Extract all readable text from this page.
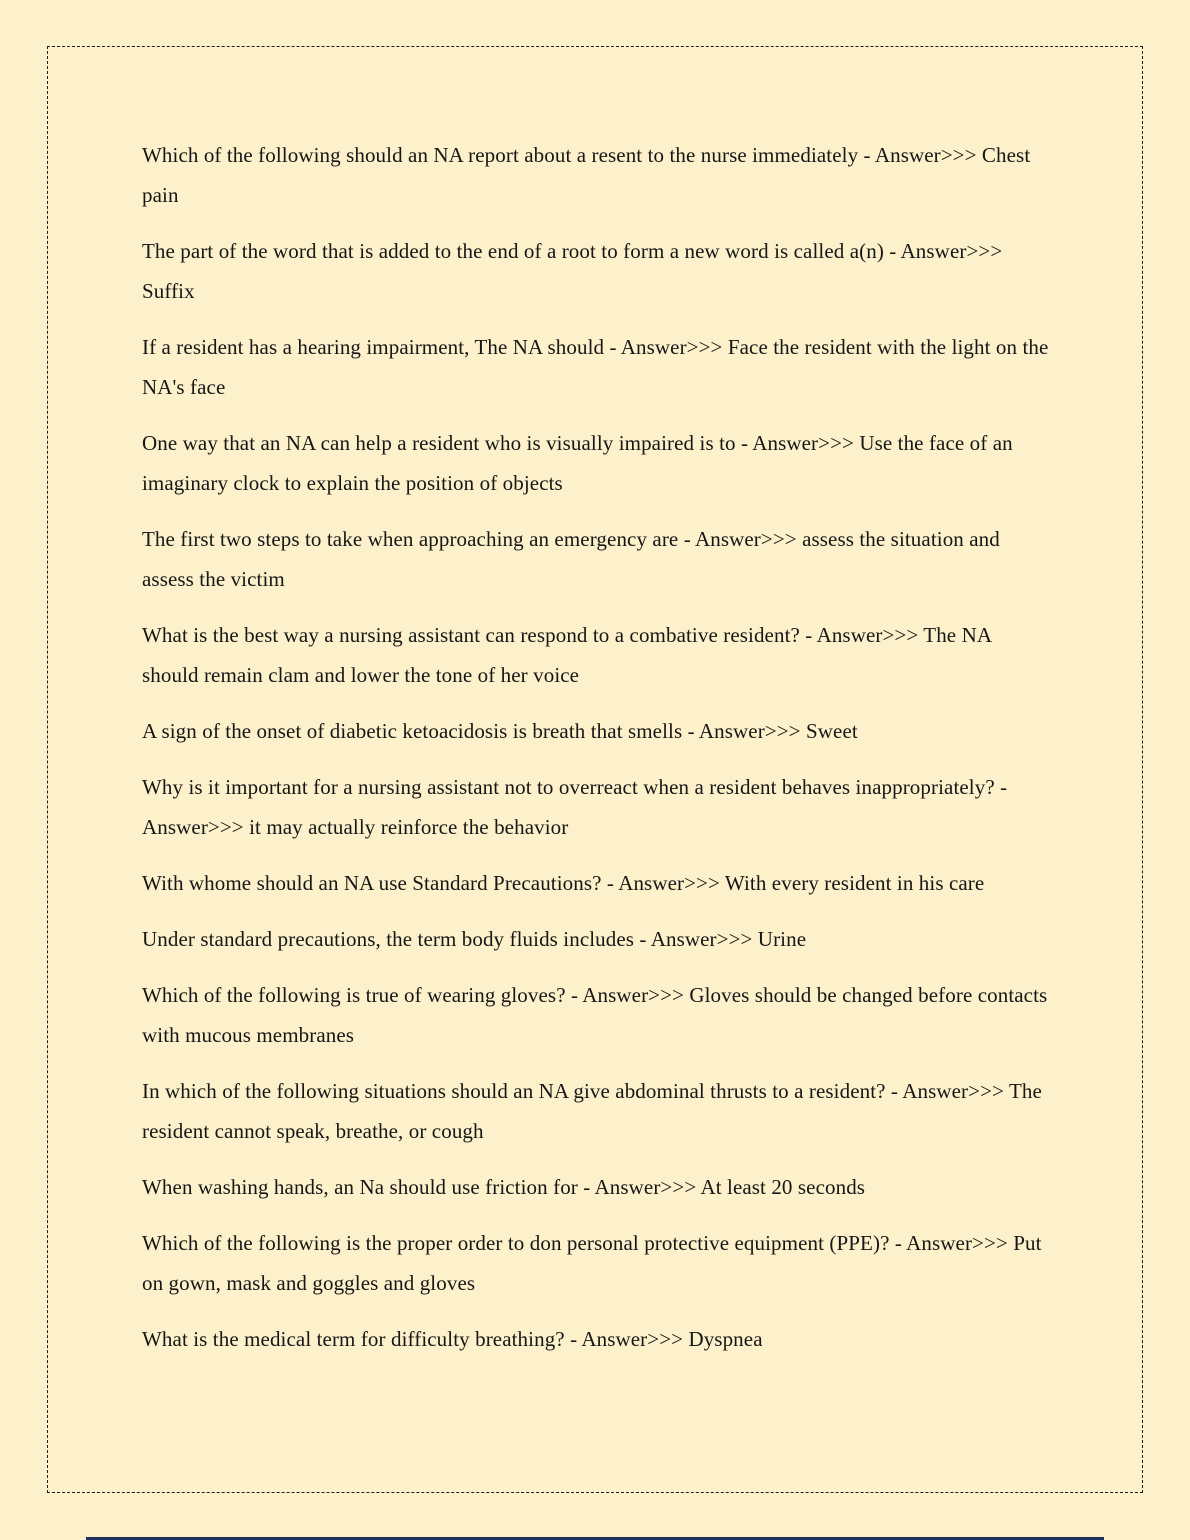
Which of the following should an NA report about a resent to the nurse immediately - Answer>>> Chest pain

The part of the word that is added to the end of a root to form a new word is called a(n) - Answer>>> Suffix

If a resident has a hearing impairment, The NA should - Answer>>> Face the resident with the light on the NA's face

One way that an NA can help a resident who is visually impaired is to - Answer>>> Use the face of an imaginary clock to explain the position of objects

The first two steps to take when approaching an emergency are - Answer>>> assess the situation and assess the victim

What is the best way a nursing assistant can respond to a combative resident? - Answer>>> The NA should remain clam and lower the tone of her voice

A sign of the onset of diabetic ketoacidosis is breath that smells - Answer>>> Sweet

Why is it important for a nursing assistant not to overreact when a resident behaves inappropriately? - Answer>>> it may actually reinforce the behavior

With whome should an NA use Standard Precautions? - Answer>>> With every resident in his care

Under standard precautions, the term body fluids includes - Answer>>> Urine

Which of the following is true of wearing gloves? - Answer>>> Gloves should be changed before contacts with mucous membranes

In which of the following situations should an NA give abdominal thrusts to a resident? - Answer>>> The resident cannot speak, breathe, or cough

When washing hands, an Na should use friction for - Answer>>> At least 20 seconds

Which of the following is the proper order to don personal protective equipment (PPE)? - Answer>>> Put on gown, mask and goggles and gloves

What is the medical term for difficulty breathing? - Answer>>> Dyspnea
